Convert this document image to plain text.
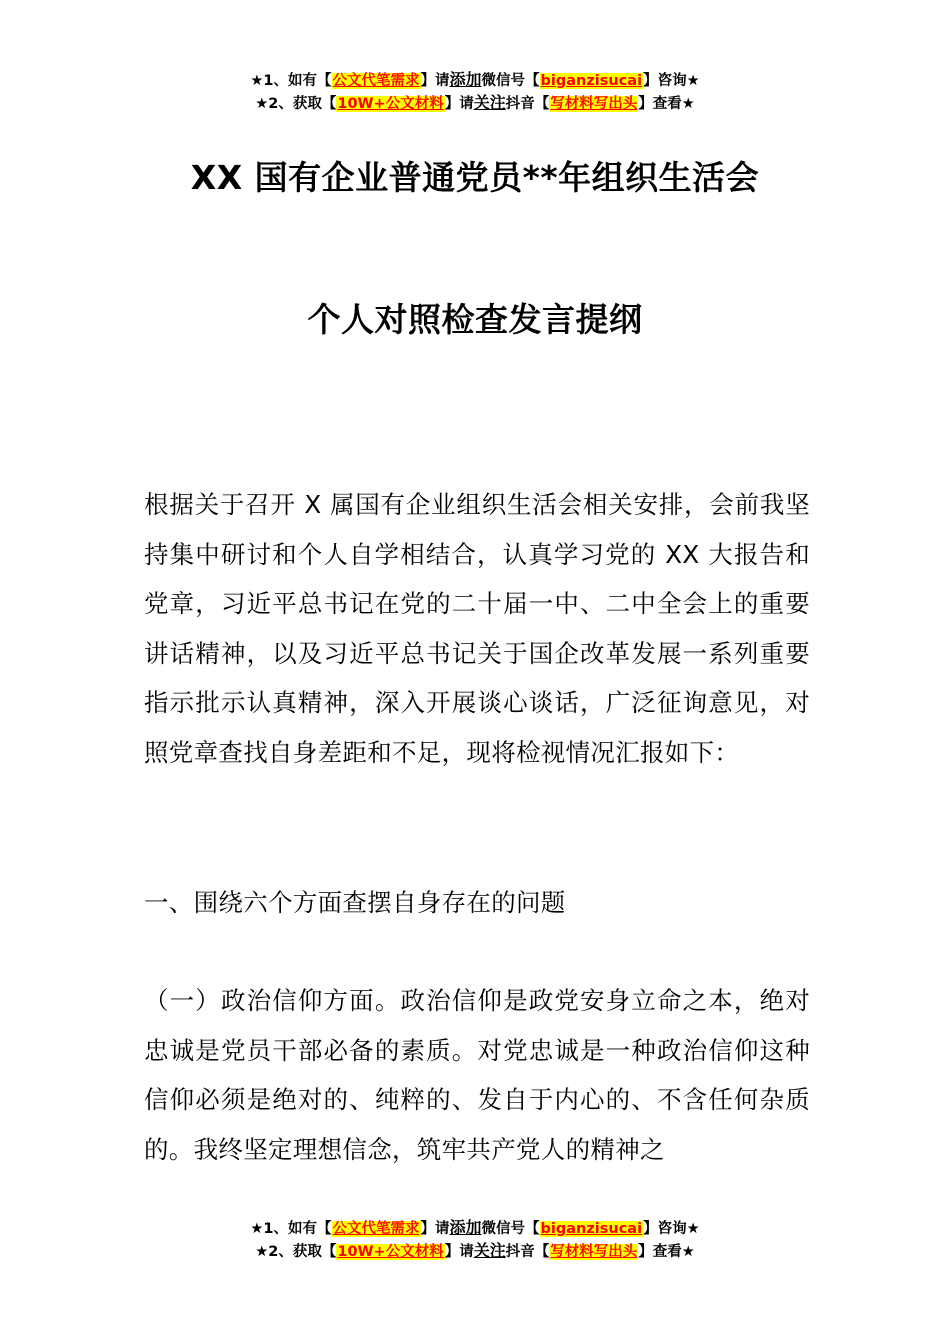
★1、如有【公文代笔需求】请添加微信号【biganzisucai】咨询★
★2、获取【10W+公文材料】请关注抖音【写材料写出头】查看★
XX 国有企业普通党员**年组织生活会
个人对照检查发言提纲
根据关于召开 X 属国有企业组织生活会相关安排，会前我坚持集中研讨和个人自学相结合，认真学习党的 XX 大报告和党章，习近平总书记在党的二十届一中、二中全会上的重要讲话精神，以及习近平总书记关于国企改革发展一系列重要指示批示认真精神，深入开展谈心谈话，广泛征询意见，对照党章查找自身差距和不足，现将检视情况汇报如下：
一、围绕六个方面查摆自身存在的问题
（一）政治信仰方面。政治信仰是政党安身立命之本，绝对忠诚是党员干部必备的素质。对党忠诚是一种政治信仰这种信仰必须是绝对的、纯粹的、发自于内心的、不含任何杂质的。我终坚定理想信念，筑牢共产党人的精神之
★1、如有【公文代笔需求】请添加微信号【biganzisucai】咨询★
★2、获取【10W+公文材料】请关注抖音【写材料写出头】查看★
